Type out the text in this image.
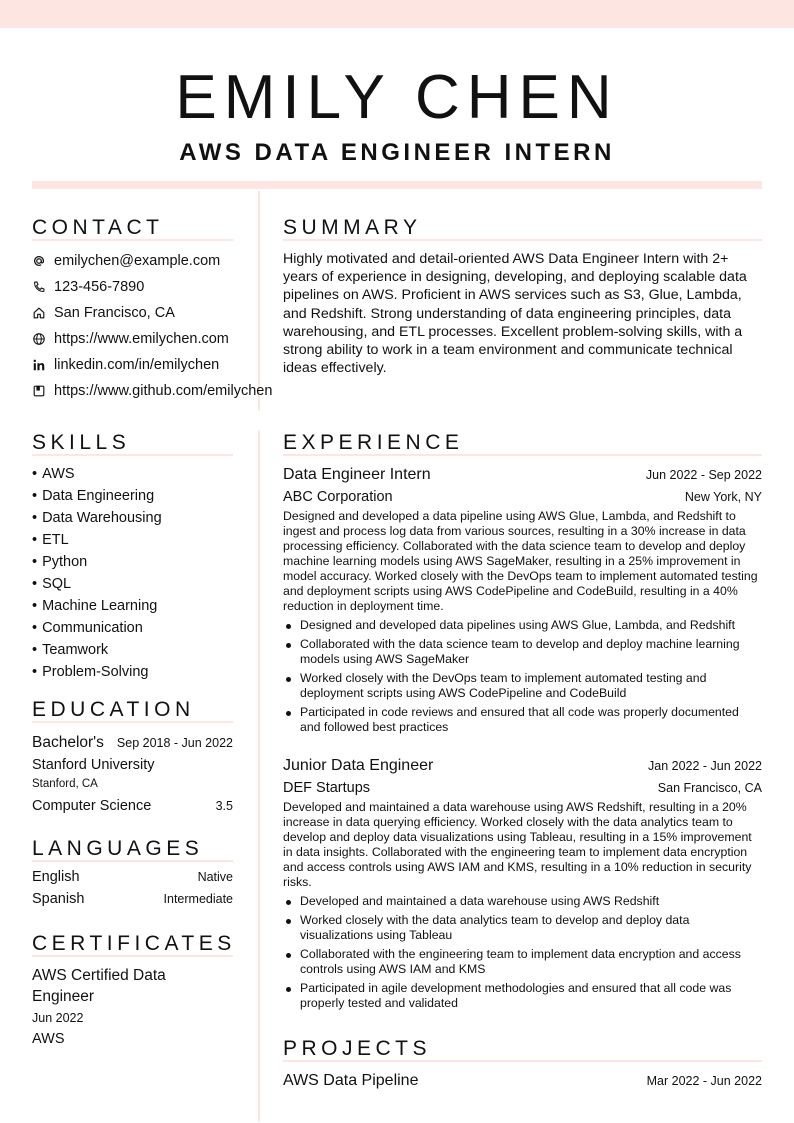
EMILY CHEN
AWS DATA ENGINEER INTERN
CONTACT
emilychen@example.com
123-456-7890
San Francisco, CA
https://www.emilychen.com
linkedin.com/in/emilychen
https://www.github.com/emilychen
SUMMARY
Highly motivated and detail-oriented AWS Data Engineer Intern with 2+ years of experience in designing, developing, and deploying scalable data pipelines on AWS. Proficient in AWS services such as S3, Glue, Lambda, and Redshift. Strong understanding of data engineering principles, data warehousing, and ETL processes. Excellent problem-solving skills, with a strong ability to work in a team environment and communicate technical ideas effectively.
SKILLS
• AWS
• Data Engineering
• Data Warehousing
• ETL
• Python
• SQL
• Machine Learning
• Communication
• Teamwork
• Problem-Solving
EDUCATION
Bachelor's Sep 2018 - Jun 2022
Stanford University
Stanford, CA
Computer Science	3.5
LANGUAGES
English	Native
Spanish	Intermediate
CERTIFICATES
AWS Certified Data Engineer
Jun 2022
AWS
EXPERIENCE
Data Engineer Intern	Jun 2022 - Sep 2022
ABC Corporation	New York, NY
Designed and developed a data pipeline using AWS Glue, Lambda, and Redshift to ingest and process log data from various sources, resulting in a 30% increase in data processing efficiency. Collaborated with the data science team to develop and deploy machine learning models using AWS SageMaker, resulting in a 25% improvement in model accuracy. Worked closely with the DevOps team to implement automated testing and deployment scripts using AWS CodePipeline and CodeBuild, resulting in a 40% reduction in deployment time.
Designed and developed data pipelines using AWS Glue, Lambda, and Redshift
Collaborated with the data science team to develop and deploy machine learning models using AWS SageMaker
Worked closely with the DevOps team to implement automated testing and deployment scripts using AWS CodePipeline and CodeBuild
Participated in code reviews and ensured that all code was properly documented and followed best practices
Junior Data Engineer	Jan 2022 - Jun 2022
DEF Startups	San Francisco, CA
Developed and maintained a data warehouse using AWS Redshift, resulting in a 20% increase in data querying efficiency. Worked closely with the data analytics team to develop and deploy data visualizations using Tableau, resulting in a 15% improvement in data insights. Collaborated with the engineering team to implement data encryption and access controls using AWS IAM and KMS, resulting in a 10% reduction in security risks.
Developed and maintained a data warehouse using AWS Redshift
Worked closely with the data analytics team to develop and deploy data visualizations using Tableau
Collaborated with the engineering team to implement data encryption and access controls using AWS IAM and KMS
Participated in agile development methodologies and ensured that all code was properly tested and validated
PROJECTS
AWS Data Pipeline	Mar 2022 - Jun 2022
